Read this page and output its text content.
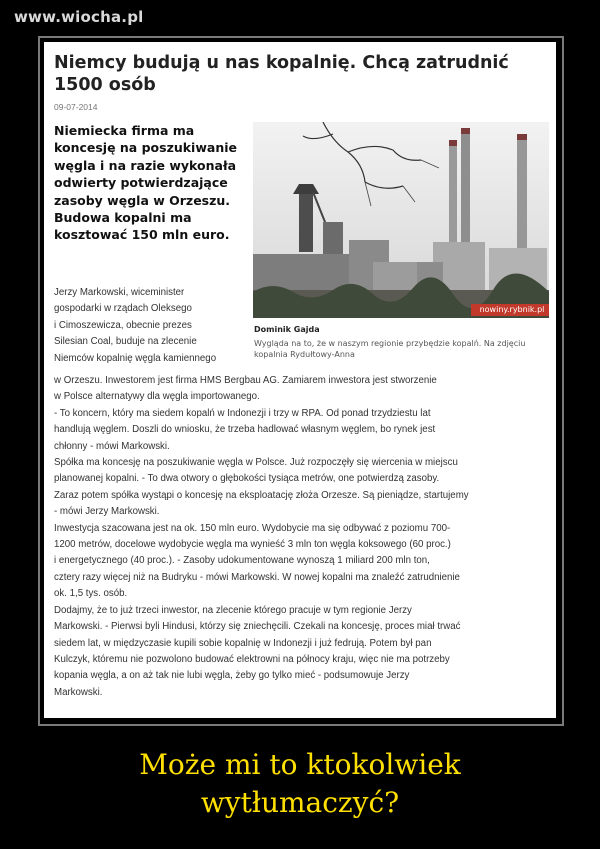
www.wiocha.pl
Niemcy budują u nas kopalnię. Chcą zatrudnić 1500 osób
09-07-2014
Niemiecka firma ma koncesję na poszukiwanie węgla i na razie wykonała odwierty potwierdzające zasoby węgla w Orzeszu. Budowa kopalni ma kosztować 150 mln euro.
nowiny.rybnik.pl
Dominik Gajda
Wygląda na to, że w naszym regionie przybędzie kopalń. Na zdjęciu kopalnia Rydułtowy-Anna
Jerzy Markowski, wiceminister
gospodarki w rządach Oleksego
i Cimoszewicza, obecnie prezes
Silesian Coal, buduje na zlecenie
Niemców kopalnię węgla kamiennego
w Orzeszu. Inwestorem jest firma HMS Bergbau AG. Zamiarem inwestora jest stworzenie
w Polsce alternatywy dla węgla importowanego.
- To koncern, który ma siedem kopalń w Indonezji i trzy w RPA. Od ponad trzydziestu lat
handlują węglem. Doszli do wniosku, że trzeba hadlować własnym węglem, bo rynek jest
chłonny - mówi Markowski.
Spółka ma koncesję na poszukiwanie węgla w Polsce. Już rozpoczęły się wiercenia w miejscu
planowanej kopalni. - To dwa otwory o głębokości tysiąca metrów, one potwierdzą zasoby.
Zaraz potem spółka wystąpi o koncesję na eksploatację złoża Orzesze. Są pieniądze, startujemy
- mówi Jerzy Markowski.
Inwestycja szacowana jest na ok. 150 mln euro. Wydobycie ma się odbywać z poziomu 700-
1200 metrów, docelowe wydobycie węgla ma wynieść 3 mln ton węgla koksowego (60 proc.)
i energetycznego (40 proc.). - Zasoby udokumentowane wynoszą 1 miliard 200 mln ton,
cztery razy więcej niż na Budryku - mówi Markowski. W nowej kopalni ma znaleźć zatrudnienie
ok. 1,5 tys. osób.
Dodajmy, że to już trzeci inwestor, na zlecenie którego pracuje w tym regionie Jerzy
Markowski. - Pierwsi byli Hindusi, którzy się zniechęcili. Czekali na koncesję, proces miał trwać
siedem lat, w międzyczasie kupili sobie kopalnię w Indonezji i już fedrują. Potem był pan
Kulczyk, któremu nie pozwolono budować elektrowni na północy kraju, więc nie ma potrzeby
kopania węgla, a on aż tak nie lubi węgla, żeby go tylko mieć - podsumowuje Jerzy
Markowski.
Może mi to ktokolwiek
wytłumaczyć?
